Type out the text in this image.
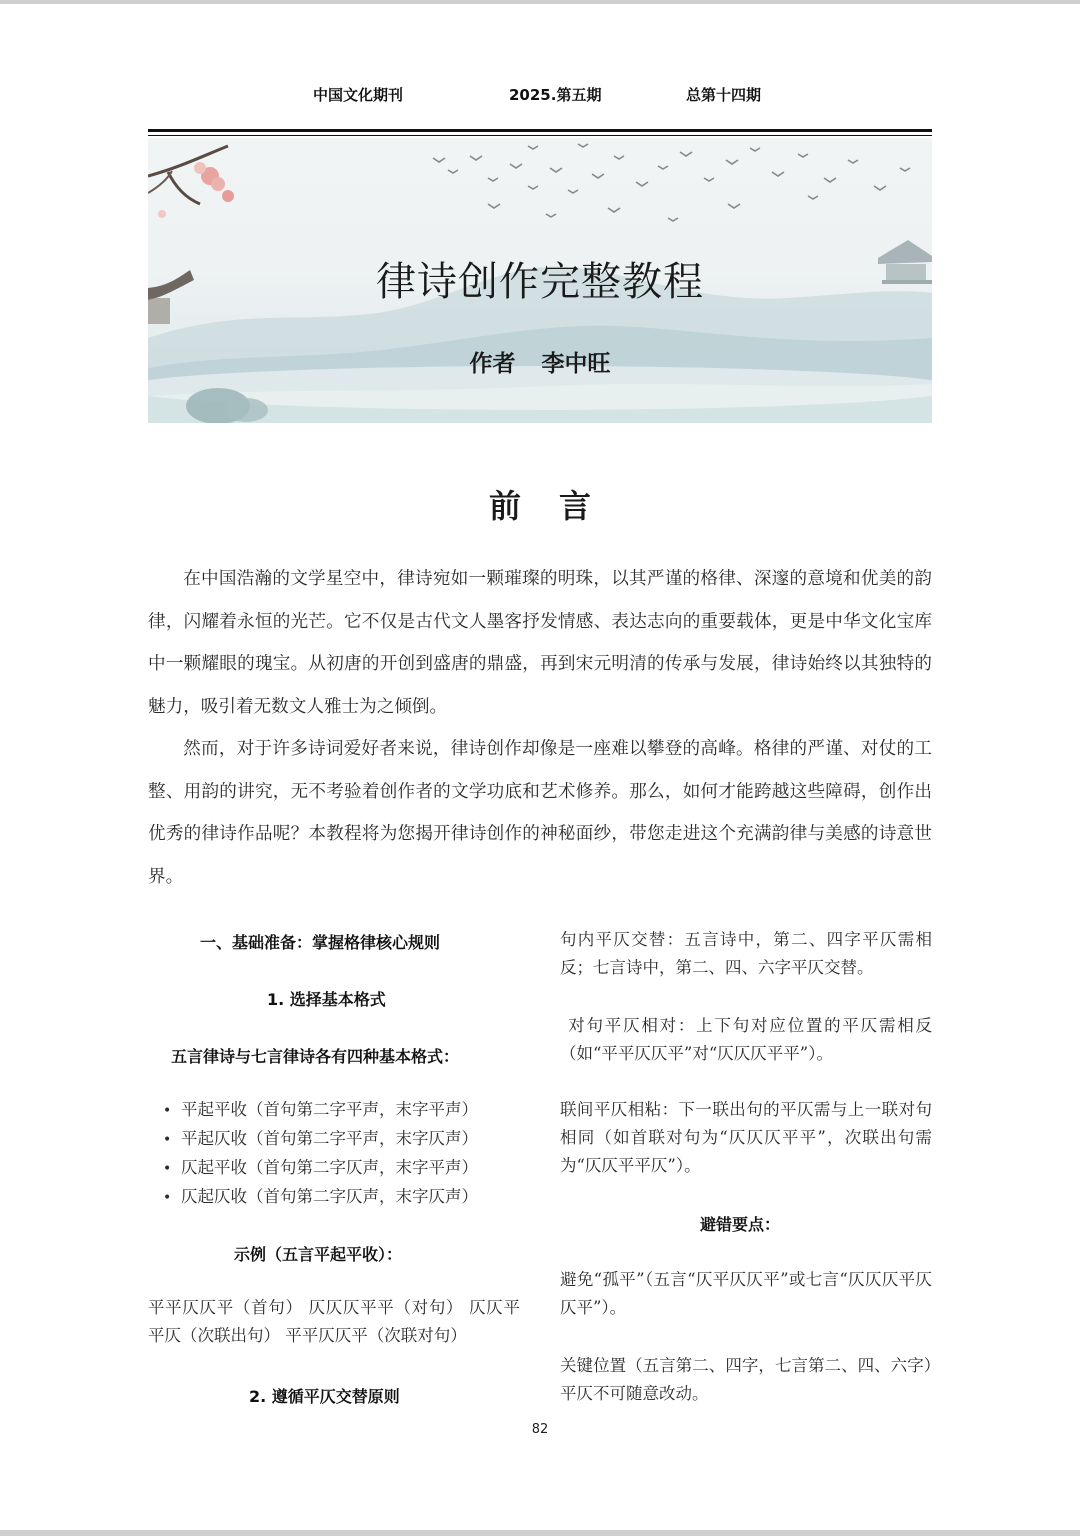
中国文化期刊	2025.第五期	总第十四期
律诗创作完整教程
作者 李中旺
前言

在中国浩瀚的文学星空中，律诗宛如一颗璀璨的明珠，以其严谨的格律、深邃的意境和优美的韵律，闪耀着永恒的光芒。它不仅是古代文人墨客抒发情感、表达志向的重要载体，更是中华文化宝库中一颗耀眼的瑰宝。从初唐的开创到盛唐的鼎盛，再到宋元明清的传承与发展，律诗始终以其独特的魅力，吸引着无数文人雅士为之倾倒。

然而，对于许多诗词爱好者来说，律诗创作却像是一座难以攀登的高峰。格律的严谨、对仗的工整、用韵的讲究，无不考验着创作者的文学功底和艺术修养。那么，如何才能跨越这些障碍，创作出优秀的律诗作品呢？本教程将为您揭开律诗创作的神秘面纱，带您走进这个充满韵律与美感的诗意世界。

一、基础准备：掌握格律核心规则
1. 选择基本格式
五言律诗与七言律诗各有四种基本格式：
• 平起平收（首句第二字平声，末字平声）
• 平起仄收（首句第二字平声，末字仄声）
• 仄起平收（首句第二字仄声，末字平声）
• 仄起仄收（首句第二字仄声，末字仄声）
示例（五言平起平收）：

平平仄仄平（首句） 仄仄仄平平（对句） 仄仄平平仄（次联出句） 平平仄仄平（次联对句）

2. 遵循平仄交替原则

句内平仄交替：五言诗中，第二、四字平仄需相反；七言诗中，第二、四、六字平仄交替。

对句平仄相对：上下句对应位置的平仄需相反（如“平平仄仄平”对“仄仄仄平平”）。

联间平仄相粘：下一联出句的平仄需与上一联对句相同（如首联对句为“仄仄仄平平”，次联出句需为“仄仄平平仄”）。

避错要点：

避免“孤平”（五言“仄平仄仄平”或七言“仄仄仄平仄仄平”）。

关键位置（五言第二、四字，七言第二、四、六字）平仄不可随意改动。

82
